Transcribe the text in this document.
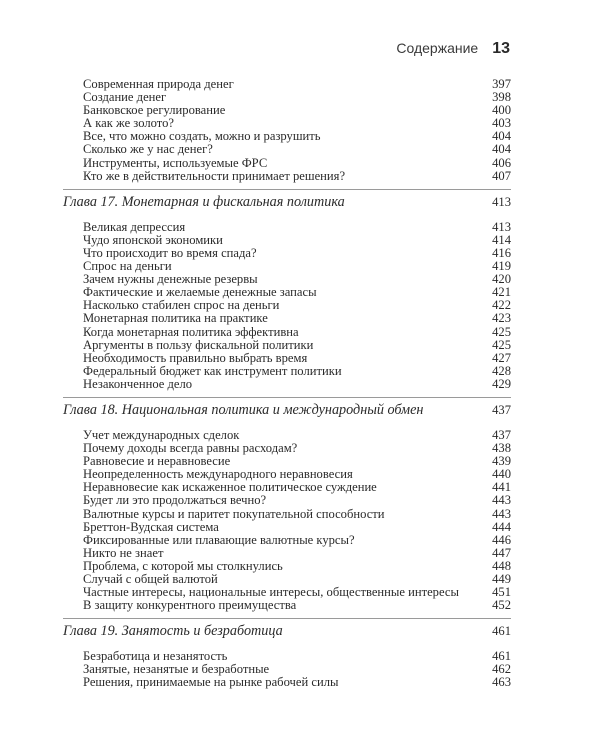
Содержание 13
Современная природа денег	397
Создание денег	398
Банковское регулирование	400
А как же золото?	403
Все, что можно создать, можно и разрушить	404
Сколько же у нас денег?	404
Инструменты, используемые ФРС	406
Кто же в действительности принимает решения?	407
Глава 17. Монетарная и фискальная политика	413
Великая депрессия	413
Чудо японской экономики	414
Что происходит во время спада?	416
Спрос на деньги	419
Зачем нужны денежные резервы	420
Фактические и желаемые денежные запасы	421
Насколько стабилен спрос на деньги	422
Монетарная политика на практике	423
Когда монетарная политика эффективна	425
Аргументы в пользу фискальной политики	425
Необходимость правильно выбрать время	427
Федеральный бюджет как инструмент политики	428
Незаконченное дело	429
Глава 18. Национальная политика и международный обмен	437
Учет международных сделок	437
Почему доходы всегда равны расходам?	438
Равновесие и неравновесие	439
Неопределенность международного неравновесия	440
Неравновесие как искаженное политическое суждение	441
Будет ли это продолжаться вечно?	443
Валютные курсы и паритет покупательной способности	443
Бреттон-Вудская система	444
Фиксированные или плавающие валютные курсы?	446
Никто не знает	447
Проблема, с которой мы столкнулись	448
Случай с общей валютой	449
Частные интересы, национальные интересы, общественные интересы	451
В защиту конкурентного преимущества	452
Глава 19. Занятость и безработица	461
Безработица и незанятость	461
Занятые, незанятые и безработные	462
Решения, принимаемые на рынке рабочей силы	463
